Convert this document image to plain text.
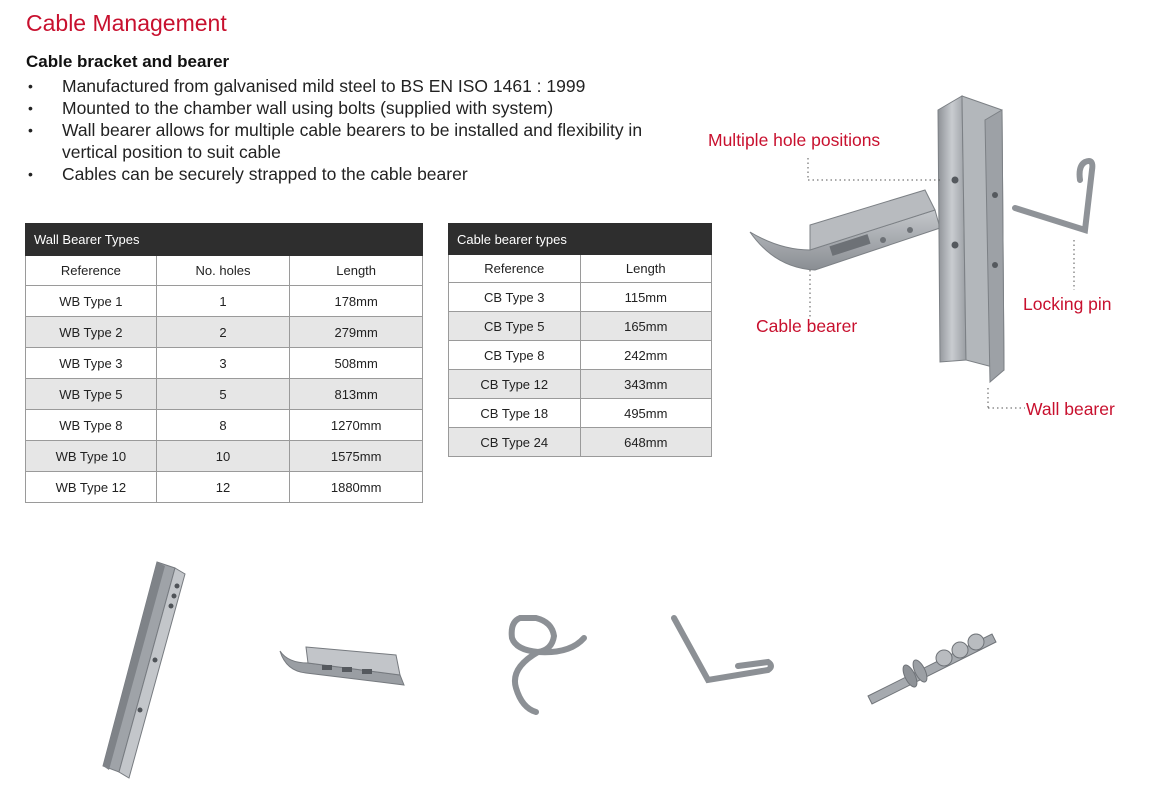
Cable Management
Cable bracket and bearer
• Manufactured from galvanised mild steel to BS EN ISO 1461 : 1999
• Mounted to the chamber wall using bolts (supplied with system)
• Wall bearer allows for multiple cable bearers to be installed and flexibility in vertical position to suit cable
• Cables can be securely strapped to the cable bearer
Wall Bearer Types		
Reference	No. holes	Length
WB Type 1	1	178mm
WB Type 2	2	279mm
WB Type 3	3	508mm
WB Type 5	5	813mm
WB Type 8	8	1270mm
WB Type 10	10	1575mm
WB Type 12	12	1880mm
Cable bearer types	
Reference	Length
CB Type 3	115mm
CB Type 5	165mm
CB Type 8	242mm
CB Type 12	343mm
CB Type 18	495mm
CB Type 24	648mm
Multiple hole positions
Locking pin
Cable bearer
Wall bearer
